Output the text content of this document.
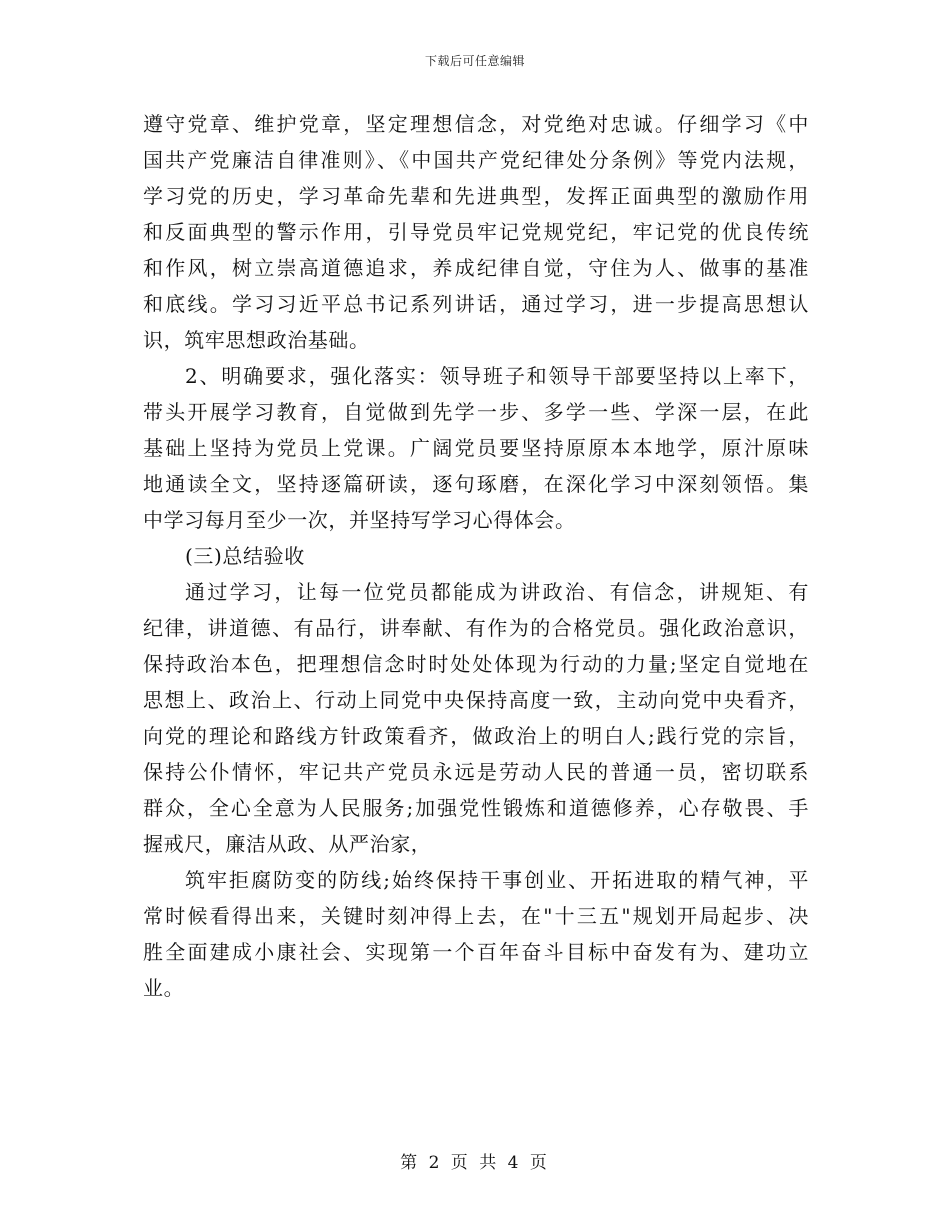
下载后可任意编辑
遵守党章、维护党章，坚定理想信念，对党绝对忠诚。仔细学习《中
国共产党廉洁自律准则》、《中国共产党纪律处分条例》等党内法规，
学习党的历史，学习革命先辈和先进典型，发挥正面典型的激励作用
和反面典型的警示作用，引导党员牢记党规党纪，牢记党的优良传统
和作风，树立崇高道德追求，养成纪律自觉，守住为人、做事的基准
和底线。学习习近平总书记系列讲话，通过学习，进一步提高思想认
识，筑牢思想政治基础。
2、明确要求，强化落实：领导班子和领导干部要坚持以上率下，
带头开展学习教育，自觉做到先学一步、多学一些、学深一层，在此
基础上坚持为党员上党课。广阔党员要坚持原原本本地学，原汁原味
地通读全文，坚持逐篇研读，逐句琢磨，在深化学习中深刻领悟。集
中学习每月至少一次，并坚持写学习心得体会。
(三)总结验收
通过学习，让每一位党员都能成为讲政治、有信念，讲规矩、有
纪律，讲道德、有品行，讲奉献、有作为的合格党员。强化政治意识，
保持政治本色，把理想信念时时处处体现为行动的力量;坚定自觉地在
思想上、政治上、行动上同党中央保持高度一致，主动向党中央看齐，
向党的理论和路线方针政策看齐，做政治上的明白人;践行党的宗旨，
保持公仆情怀，牢记共产党员永远是劳动人民的普通一员，密切联系
群众，全心全意为人民服务;加强党性锻炼和道德修养，心存敬畏、手
握戒尺，廉洁从政、从严治家，
筑牢拒腐防变的防线;始终保持干事创业、开拓进取的精气神，平
常时候看得出来，关键时刻冲得上去，在"十三五"规划开局起步、决
胜全面建成小康社会、实现第一个百年奋斗目标中奋发有为、建功立
业。
第 2 页 共 4 页
